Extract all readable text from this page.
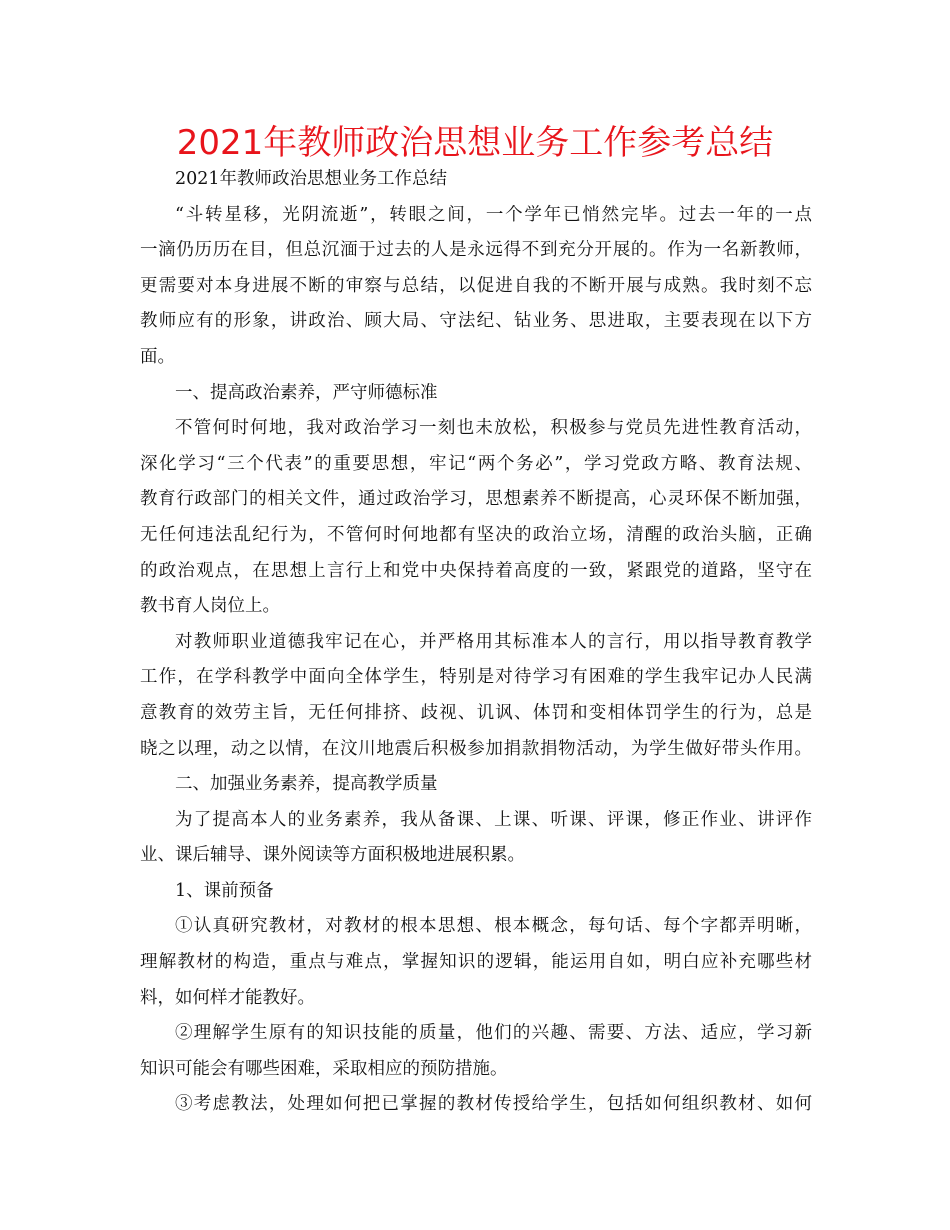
2021年教师政治思想业务工作参考总结
2021年教师政治思想业务工作总结
“斗转星移，光阴流逝”，转眼之间，一个学年已悄然完毕。过去一年的一点
一滴仍历历在目，但总沉湎于过去的人是永远得不到充分开展的。作为一名新教师，
更需要对本身进展不断的审察与总结，以促进自我的不断开展与成熟。我时刻不忘
教师应有的形象，讲政治、顾大局、守法纪、钻业务、思进取，主要表现在以下方
面。
一、提高政治素养，严守师德标准
不管何时何地，我对政治学习一刻也未放松，积极参与党员先进性教育活动，
深化学习“三个代表”的重要思想，牢记“两个务必”，学习党政方略、教育法规、
教育行政部门的相关文件，通过政治学习，思想素养不断提高，心灵环保不断加强，
无任何违法乱纪行为，不管何时何地都有坚决的政治立场，清醒的政治头脑，正确
的政治观点，在思想上言行上和党中央保持着高度的一致，紧跟党的道路，坚守在
教书育人岗位上。
对教师职业道德我牢记在心，并严格用其标准本人的言行，用以指导教育教学
工作，在学科教学中面向全体学生，特别是对待学习有困难的学生我牢记办人民满
意教育的效劳主旨，无任何排挤、歧视、讥讽、体罚和变相体罚学生的行为，总是
晓之以理，动之以情，在汶川地震后积极参加捐款捐物活动，为学生做好带头作用。
二、加强业务素养，提高教学质量
为了提高本人的业务素养，我从备课、上课、听课、评课，修正作业、讲评作
业、课后辅导、课外阅读等方面积极地进展积累。
1、课前预备
①认真研究教材，对教材的根本思想、根本概念，每句话、每个字都弄明晰，
理解教材的构造，重点与难点，掌握知识的逻辑，能运用自如，明白应补充哪些材
料，如何样才能教好。
②理解学生原有的知识技能的质量，他们的兴趣、需要、方法、适应，学习新
知识可能会有哪些困难，采取相应的预防措施。
③考虑教法，处理如何把已掌握的教材传授给学生，包括如何组织教材、如何
